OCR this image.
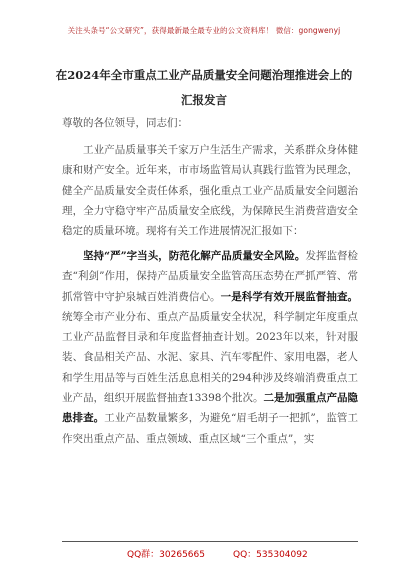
关注头条号“公文研究”，获得最新最全最专业的公文资料库！ 微信：gongwenyj
在2024年全市重点工业产品质量安全问题治理推进会上的
汇报发言
尊敬的各位领导，同志们：
工业产品质量事关千家万户生活生产需求，关系群众身体健康和财产安全。近年来，市市场监管局认真践行监管为民理念，健全产品质量安全责任体系，强化重点工业产品质量安全问题治理，全力守稳守牢产品质量安全底线，为保障民生消费营造安全稳定的质量环境。现将有关工作进展情况汇报如下：
坚持“严”字当头，防范化解产品质量安全风险。发挥监督检查“利剑”作用，保持产品质量安全监管高压态势在严抓严管、常抓常管中守护泉城百姓消费信心。一是科学有效开展监督抽查。统筹全市产业分布、重点产品质量安全状况，科学制定年度重点工业产品监督目录和年度监督抽查计划。2023年以来，针对服装、食品相关产品、水泥、家具、汽车零配件、家用电器，老人和学生用品等与百姓生活息息相关的294种涉及终端消费重点工业产品，组织开展监督抽查13398个批次。二是加强重点产品隐患排查。工业产品数量繁多，为避免“眉毛胡子一把抓”，监管工作突出重点产品、重点领域、重点区域“三个重点”，实
QQ群：30265665	QQ：535304092
